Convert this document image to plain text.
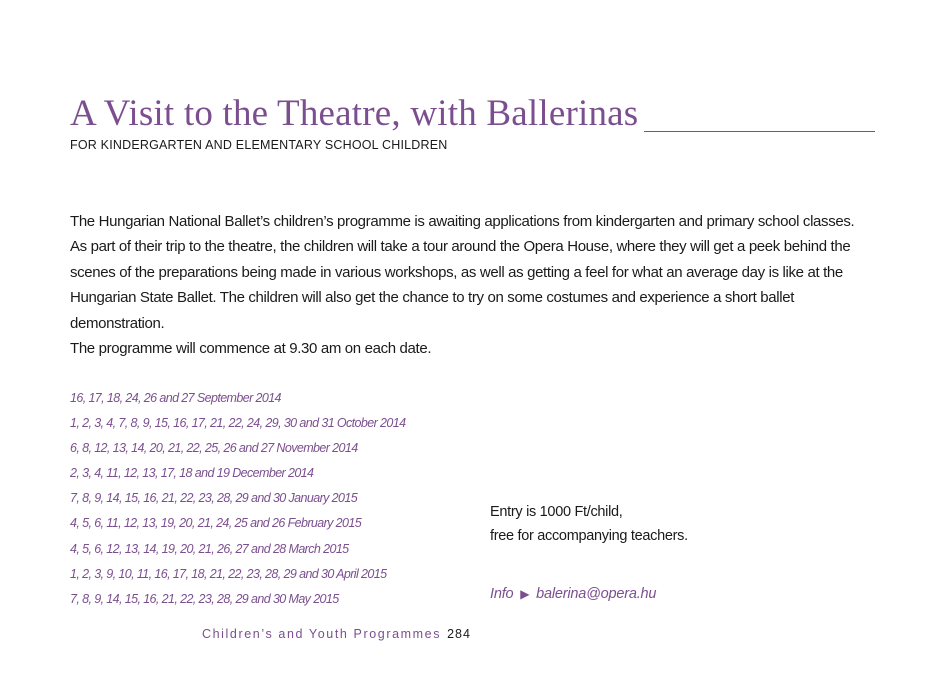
A Visit to the Theatre, with Ballerinas
FOR KINDERGARTEN AND ELEMENTARY SCHOOL CHILDREN

The Hungarian National Ballet’s children’s programme is awaiting applications from kindergarten and primary school classes. As part of their trip to the theatre, the children will take a tour around the Opera House, where they will get a peek behind the scenes of the preparations being made in various workshops, as well as getting a feel for what an average day is like at the Hungarian State Ballet. The children will also get the chance to try on some costumes and experience a short ballet demonstration.

The programme will commence at 9.30 am on each date.

16, 17, 18, 24, 26 and 27 September 2014
1, 2, 3, 4, 7, 8, 9, 15, 16, 17, 21, 22, 24, 29, 30 and 31 October 2014
6, 8, 12, 13, 14, 20, 21, 22, 25, 26 and 27 November 2014
2, 3, 4, 11, 12, 13, 17, 18 and 19 December 2014
7, 8, 9, 14, 15, 16, 21, 22, 23, 28, 29 and 30 January 2015
4, 5, 6, 11, 12, 13, 19, 20, 21, 24, 25 and 26 February 2015
4, 5, 6, 12, 13, 14, 19, 20, 21, 26, 27 and 28 March 2015
1, 2, 3, 9, 10, 11, 16, 17, 18, 21, 22, 23, 28, 29 and 30 April 2015
7, 8, 9, 14, 15, 16, 21, 22, 23, 28, 29 and 30 May 2015
Entry is 1000 Ft/child,
free for accompanying teachers.
Info ▶ balerina@opera.hu
Children’s and Youth Programmes 284
